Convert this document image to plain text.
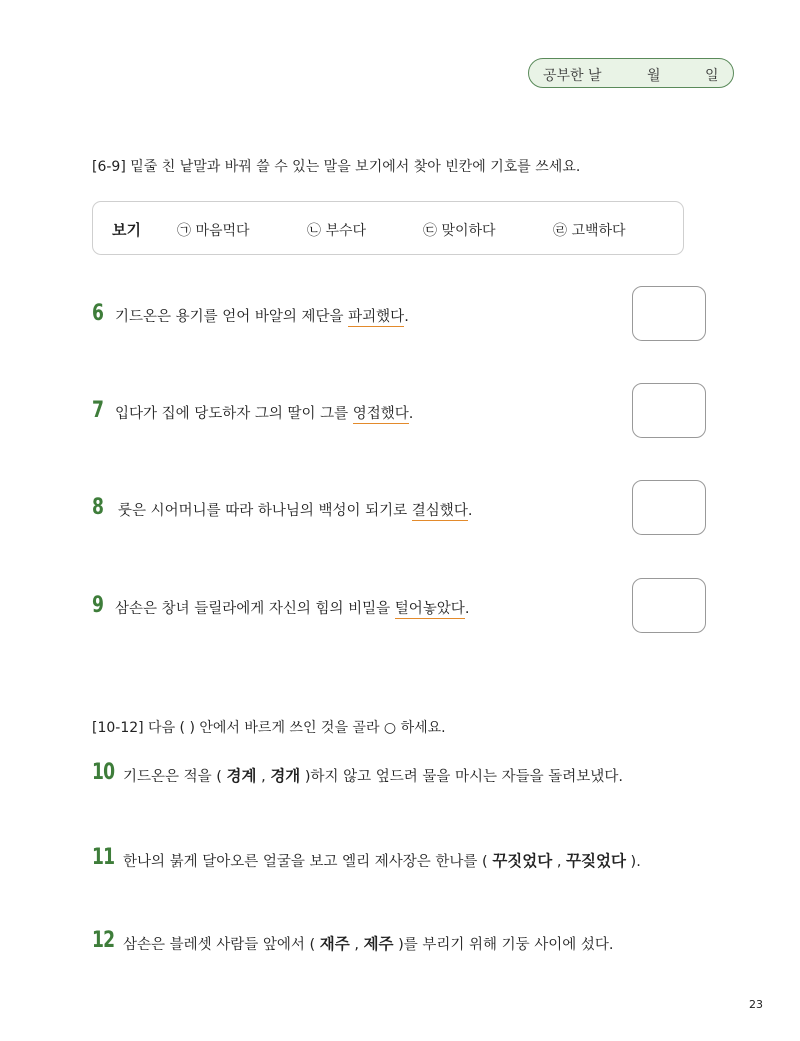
공부한 날	월	일
[6-9] 밑줄 친 낱말과 바꿔 쓸 수 있는 말을 보기에서 찾아 빈칸에 기호를 쓰세요.
보기	㉠ 마음먹다	㉡ 부수다	㉢ 맞이하다	㉣ 고백하다
6 기드온은 용기를 얻어 바알의 제단을 파괴했다.
7 입다가 집에 당도하자 그의 딸이 그를 영접했다.
8 룻은 시어머니를 따라 하나님의 백성이 되기로 결심했다.
9 삼손은 창녀 들릴라에게 자신의 힘의 비밀을 털어놓았다.
[10-12] 다음 ( ) 안에서 바르게 쓰인 것을 골라 ○ 하세요.
10 기드온은 적을 ( 경계 , 경개 )하지 않고 엎드려 물을 마시는 자들을 돌려보냈다.
11 한나의 붉게 달아오른 얼굴을 보고 엘리 제사장은 한나를 ( 꾸짓었다 , 꾸짖었다 ).
12 삼손은 블레셋 사람들 앞에서 ( 재주 , 제주 )를 부리기 위해 기둥 사이에 섰다.
23
